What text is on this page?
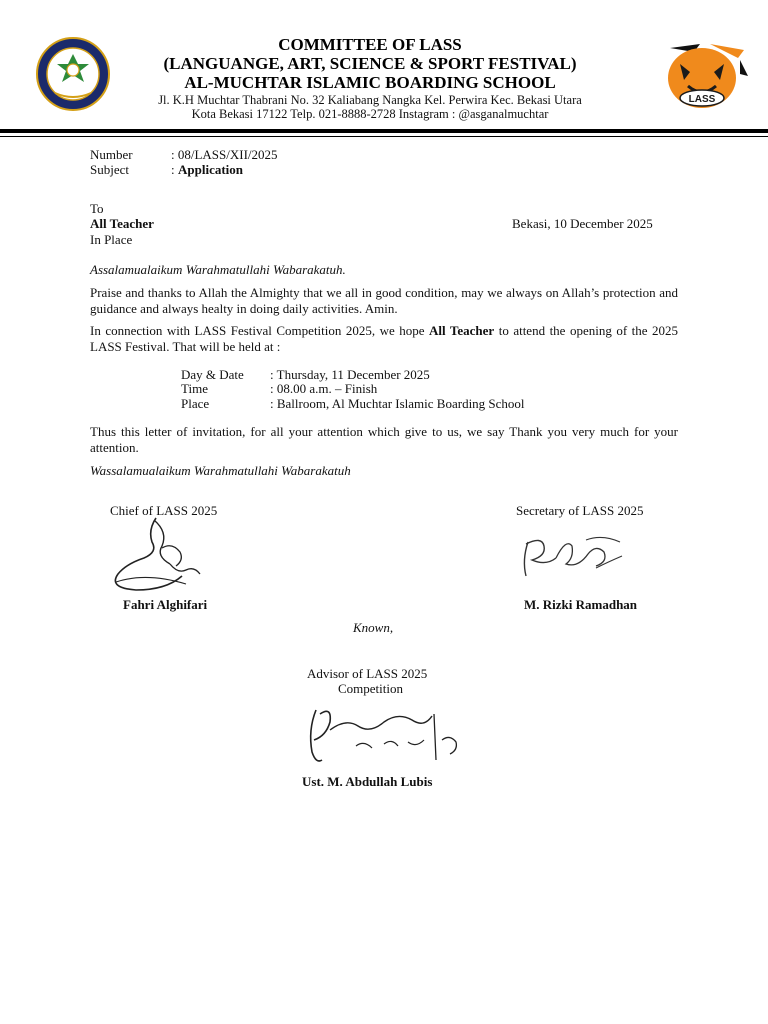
LASS
COMMITTEE OF LASS
(LANGUANGE, ART, SCIENCE & SPORT FESTIVAL)
AL-MUCHTAR ISLAMIC BOARDING SCHOOL
Jl. K.H Muchtar Thabrani No. 32 Kaliabang Nangka Kel. Perwira Kec. Bekasi Utara
Kota Bekasi 17122 Telp. 021-8888-2728 Instagram : @asganalmuchtar
Number	: 08/LASS/XII/2025
Subject	: Application
To
All Teacher
In Place
Bekasi, 10 December 2025
Assalamualaikum Warahmatullahi Wabarakatuh.
Praise and thanks to Allah the Almighty that we all in good condition, may we always on Allah’s protection and guidance and always healty in doing daily activities. Amin.
In connection with LASS Festival Competition 2025, we hope All Teacher to attend the opening of the 2025 LASS Festival. That will be held at :
Day & Date : Thursday, 11 December 2025
Time	: 08.00 a.m. – Finish
Place	: Ballroom, Al Muchtar Islamic Boarding School
Thus this letter of invitation, for all your attention which give to us, we say Thank you very much for your attention.
Wassalamualaikum Warahmatullahi Wabarakatuh
Chief of LASS 2025
Fahri Alghifari
Secretary of LASS 2025
M. Rizki Ramadhan
Known,
Advisor of LASS 2025
Competition
Ust. M. Abdullah Lubis
